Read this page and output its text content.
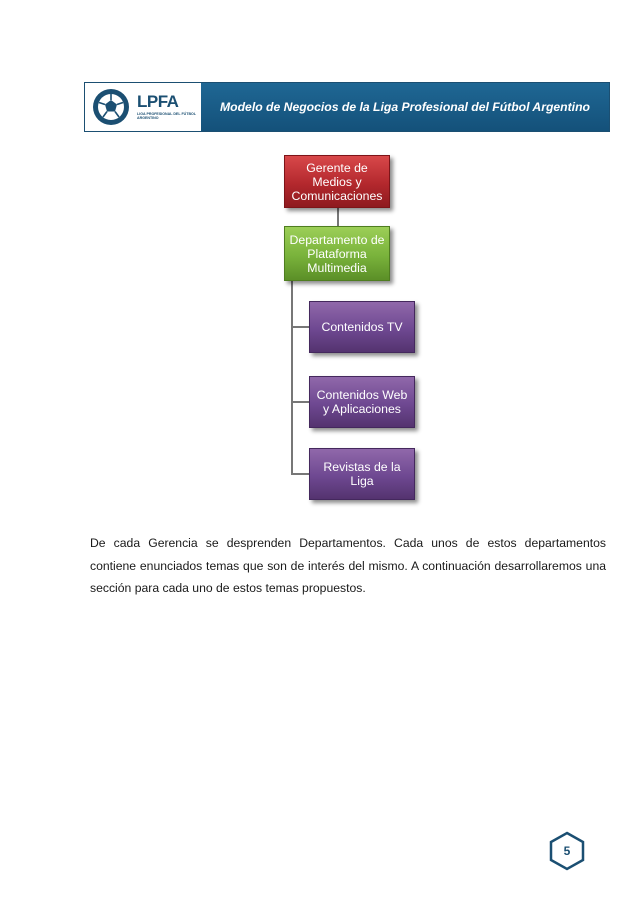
LPFA
LIGA PROFESIONAL DEL FÚTBOL ARGENTINO
Modelo de Negocios de la Liga Profesional del Fútbol Argentino
Gerente de Medios y Comunicaciones
Departamento de Plataforma Multimedia
Contenidos TV
Contenidos Web y Aplicaciones
Revistas de la Liga

De cada Gerencia se desprenden Departamentos. Cada unos de estos departamentos contiene enunciados temas que son de interés del mismo. A continuación desarrollaremos una sección para cada uno de estos temas propuestos.

5
